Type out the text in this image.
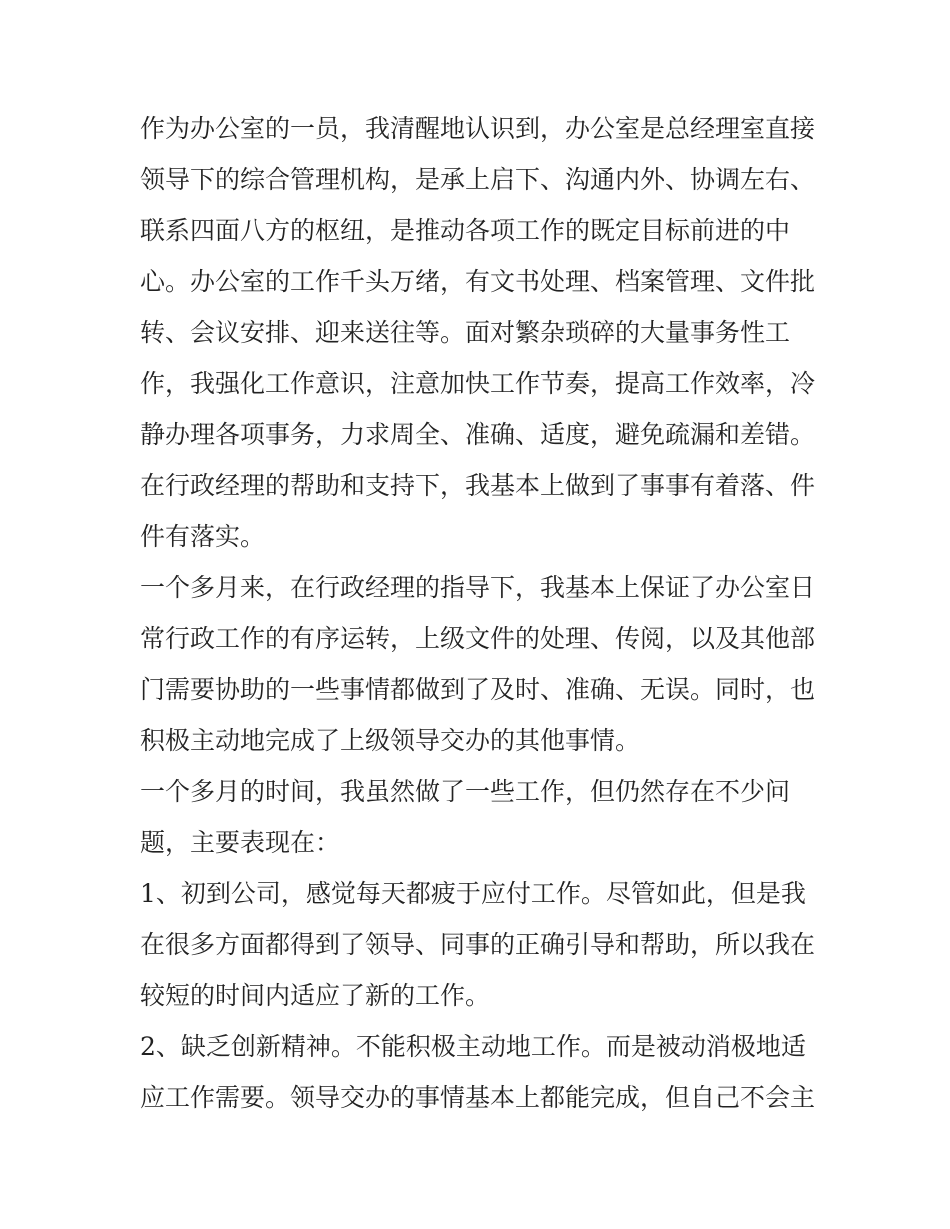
作为办公室的一员，我清醒地认识到，办公室是总经理室直接
领导下的综合管理机构，是承上启下、沟通内外、协调左右、
联系四面八方的枢纽，是推动各项工作的既定目标前进的中
心。办公室的工作千头万绪，有文书处理、档案管理、文件批
转、会议安排、迎来送往等。面对繁杂琐碎的大量事务性工
作，我强化工作意识，注意加快工作节奏，提高工作效率，冷
静办理各项事务，力求周全、准确、适度，避免疏漏和差错。
在行政经理的帮助和支持下，我基本上做到了事事有着落、件
件有落实。
一个多月来，在行政经理的指导下，我基本上保证了办公室日
常行政工作的有序运转，上级文件的处理、传阅，以及其他部
门需要协助的一些事情都做到了及时、准确、无误。同时，也
积极主动地完成了上级领导交办的其他事情。
一个多月的时间，我虽然做了一些工作，但仍然存在不少问
题，主要表现在：
1、初到公司，感觉每天都疲于应付工作。尽管如此，但是我
在很多方面都得到了领导、同事的正确引导和帮助，所以我在
较短的时间内适应了新的工作。
2、缺乏创新精神。不能积极主动地工作。而是被动消极地适
应工作需要。领导交办的事情基本上都能完成，但自己不会主
